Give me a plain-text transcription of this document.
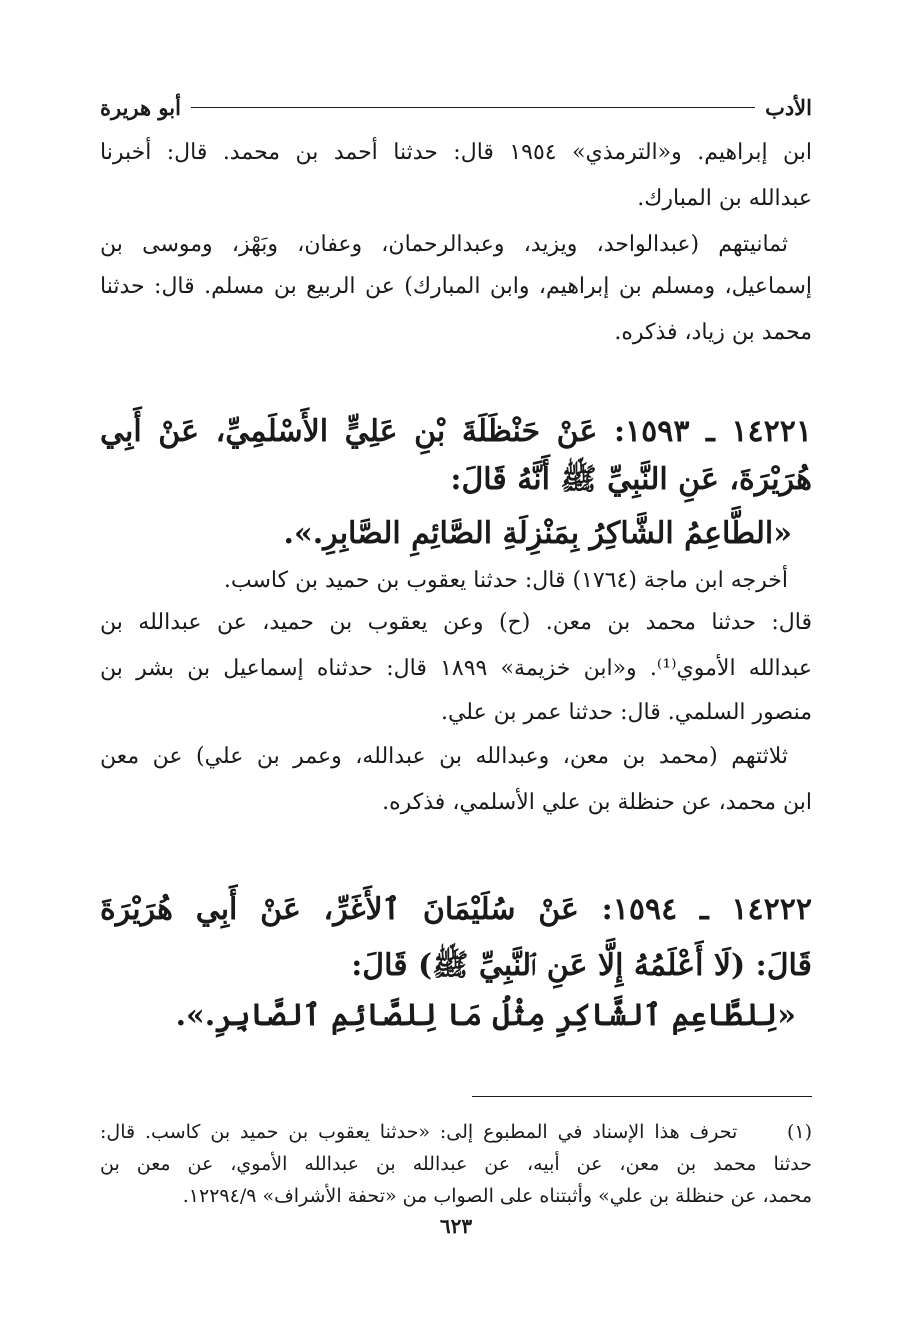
الأدب
أبو هريرة
ابن إبراهيم. و«الترمذي» ١٩٥٤ قال: حدثنا أحمد بن محمد. قال: أخبرنا
عبدالله بن المبارك.
ثمانيتهم (عبدالواحد، ويزيد، وعبدالرحمان، وعفان، وبَهْز، وموسى بن
إسماعيل، ومسلم بن إبراهيم، وابن المبارك) عن الربيع بن مسلم. قال: حدثنا
محمد بن زياد، فذكره.
١٤٢٢١ ـ ١٥٩٣: عَنْ حَنْظَلَةَ بْنِ عَلِيٍّ الأَسْلَمِيِّ، عَنْ أَبِي
هُرَيْرَةَ، عَنِ النَّبِيِّ ﷺ أَنَّهُ قَالَ:
«الطَّاعِمُ الشَّاكِرُ بِمَنْزِلَةِ الصَّائِمِ الصَّابِرِ.».
أخرجه ابن ماجة (١٧٦٤) قال: حدثنا يعقوب بن حميد بن كاسب.
قال: حدثنا محمد بن معن. (ح) وعن يعقوب بن حميد، عن عبدالله بن
عبدالله الأموي⁽¹⁾. و«ابن خزيمة» ١٨٩٩ قال: حدثناه إسماعيل بن بشر بن
منصور السلمي. قال: حدثنا عمر بن علي.
ثلاثتهم (محمد بن معن، وعبدالله بن عبدالله، وعمر بن علي) عن معن
ابن محمد، عن حنظلة بن علي الأسلمي، فذكره.
١٤٢٢٢ ـ ١٥٩٤: عَنْ سُلَيْمَانَ ٱلأَغَرِّ، عَنْ أَبِي هُرَيْرَةَ
قَالَ: (لَا أَعْلَمُهُ إِلَّا عَنِ ٱلنَّبِيِّ ﷺ) قَالَ:
«لِلطَّاعِمِ ٱلشَّاكِرِ مِثْلُ مَا لِلصَّائِمِ ٱلصَّابِرِ.».
(١)     تحرف هذا الإسناد في المطبوع إلى: «حدثنا يعقوب بن حميد بن كاسب. قال:
حدثنا محمد بن معن، عن أبيه، عن عبدالله بن عبدالله الأموي، عن معن بن
محمد، عن حنظلة بن علي» وأثبتناه على الصواب من «تحفة الأشراف» ١٢٢٩٤/٩.
٦٢٣
